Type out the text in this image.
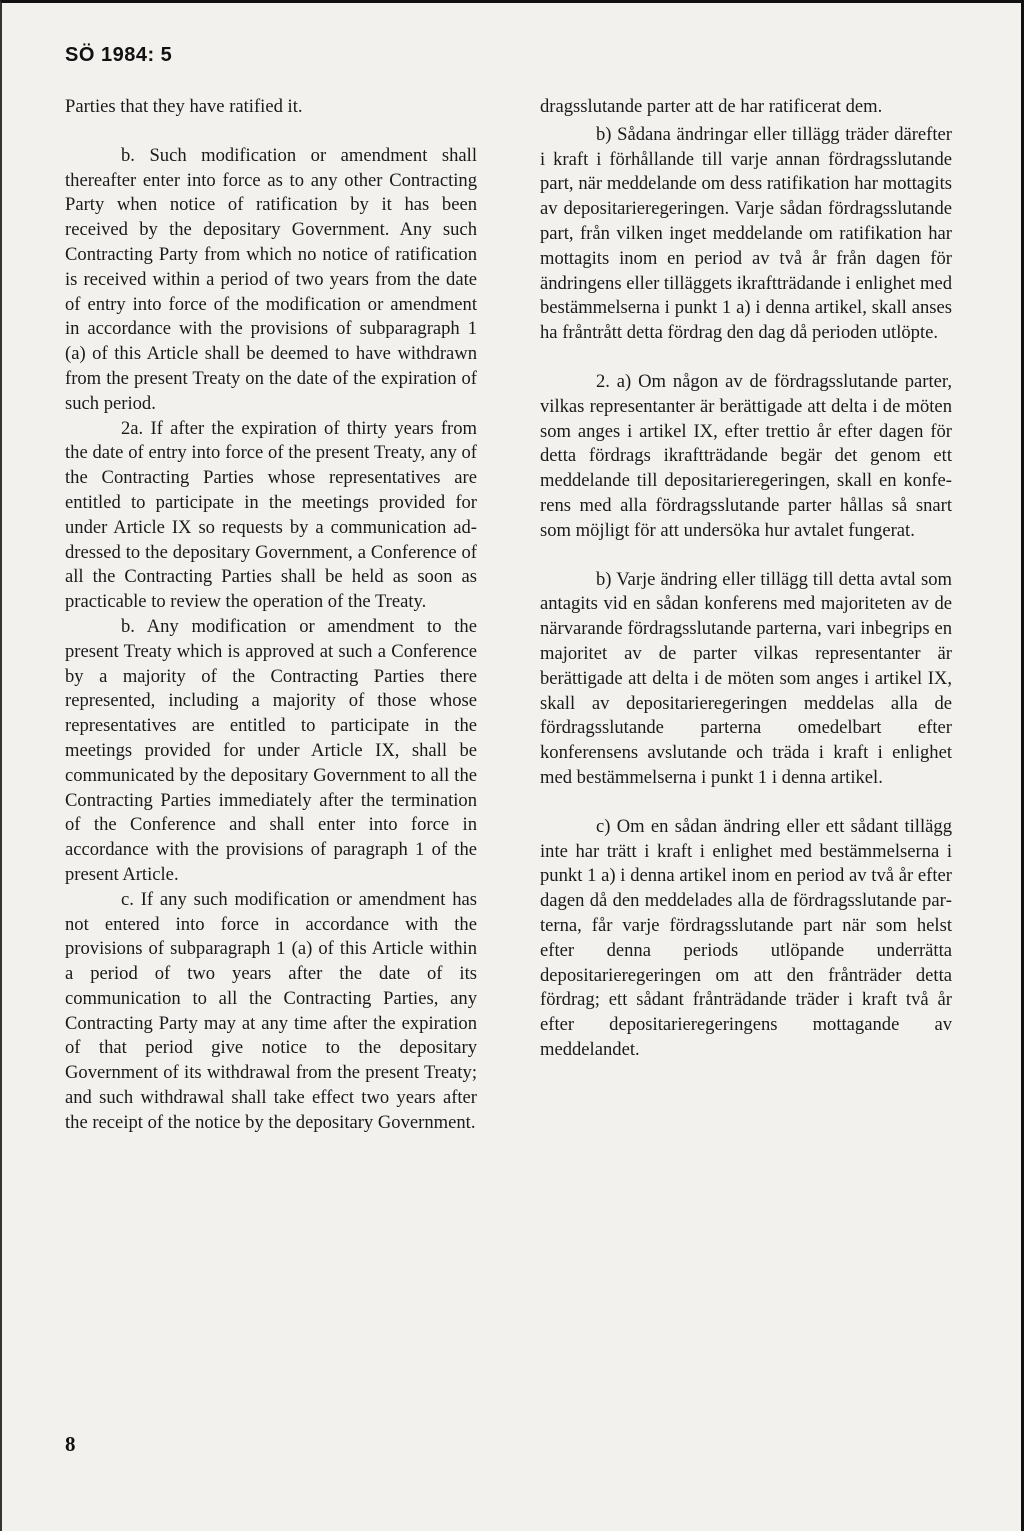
SÖ 1984: 5

Parties that they have ratified it.

b. Such modification or amendment shall thereafter enter into force as to any other Contracting Party when notice of ratification by it has been received by the depositary Government. Any such Contracting Party from which no notice of ratification is received within a period of two years from the date of entry into force of the modification or amendment in accordance with the provisions of subparagraph 1 (a) of this Article shall be deemed to have withdrawn from the present Treaty on the date of the expiration of such period.

2a. If after the expiration of thirty years from the date of entry into force of the present Treaty, any of the Contracting Parties whose representatives are entitled to participate in the meetings provided for under Article IX so requests by a communication addressed to the depositary Government, a Conference of all the Contracting Parties shall be held as soon as practicable to review the operation of the Treaty.

b. Any modification or amendment to the present Treaty which is approved at such a Conference by a majority of the Contracting Parties there represented, including a majority of those whose representatives are entitled to participate in the meetings provided for under Article IX, shall be communicated by the depositary Government to all the Contracting Parties immediately after the termination of the Conference and shall enter into force in accordance with the provisions of paragraph 1 of the present Article.

c. If any such modification or amendment has not entered into force in accordance with the provisions of subparagraph 1 (a) of this Article within a period of two years after the date of its communication to all the Contracting Parties, any Contracting Party may at any time after the expiration of that period give notice to the depositary Government of its withdrawal from the present Treaty; and such withdrawal shall take effect two years after the receipt of the notice by the depositary Government.

dragsslutande parter att de har ratificerat dem.

b) Sådana ändringar eller tillägg träder därefter i kraft i förhållande till varje annan fördragsslutande part, när meddelande om dess ratifikation har mottagits av depositarieregeringen. Varje sådan fördragsslutande part, från vilken inget meddelande om ratifikation har mottagits inom en period av två år från dagen för ändringens eller tilläggets ikraftträdande i enlighet med bestämmelserna i punkt 1 a) i denna artikel, skall anses ha fråntrått detta fördrag den dag då perioden utlöpte.

2. a) Om någon av de fördragsslutande parter, vilkas representanter är berättigade att delta i de möten som anges i artikel IX, efter trettio år efter dagen för detta fördrags ikraftträdande begär det genom ett meddelande till depositarieregeringen, skall en konferens med alla fördragsslutande parter hållas så snart som möjligt för att undersöka hur avtalet fungerat.

b) Varje ändring eller tillägg till detta avtal som antagits vid en sådan konferens med majoriteten av de närvarande fördragsslutande parterna, vari inbegrips en majoritet av de parter vilkas representanter är berättigade att delta i de möten som anges i artikel IX, skall av depositarieregeringen meddelas alla de fördragsslutande parterna omedelbart efter konferensens avslutande och träda i kraft i enlighet med bestämmelserna i punkt 1 i denna artikel.

c) Om en sådan ändring eller ett sådant tillägg inte har trätt i kraft i enlighet med bestämmelserna i punkt 1 a) i denna artikel inom en period av två år efter dagen då den meddelades alla de fördragsslutande parterna, får varje fördragsslutande part när som helst efter denna periods utlöpande underrätta depositarieregeringen om att den frånträder detta fördrag; ett sådant frånträdande träder i kraft två år efter depositarieregeringens mottagande av meddelandet.

8
